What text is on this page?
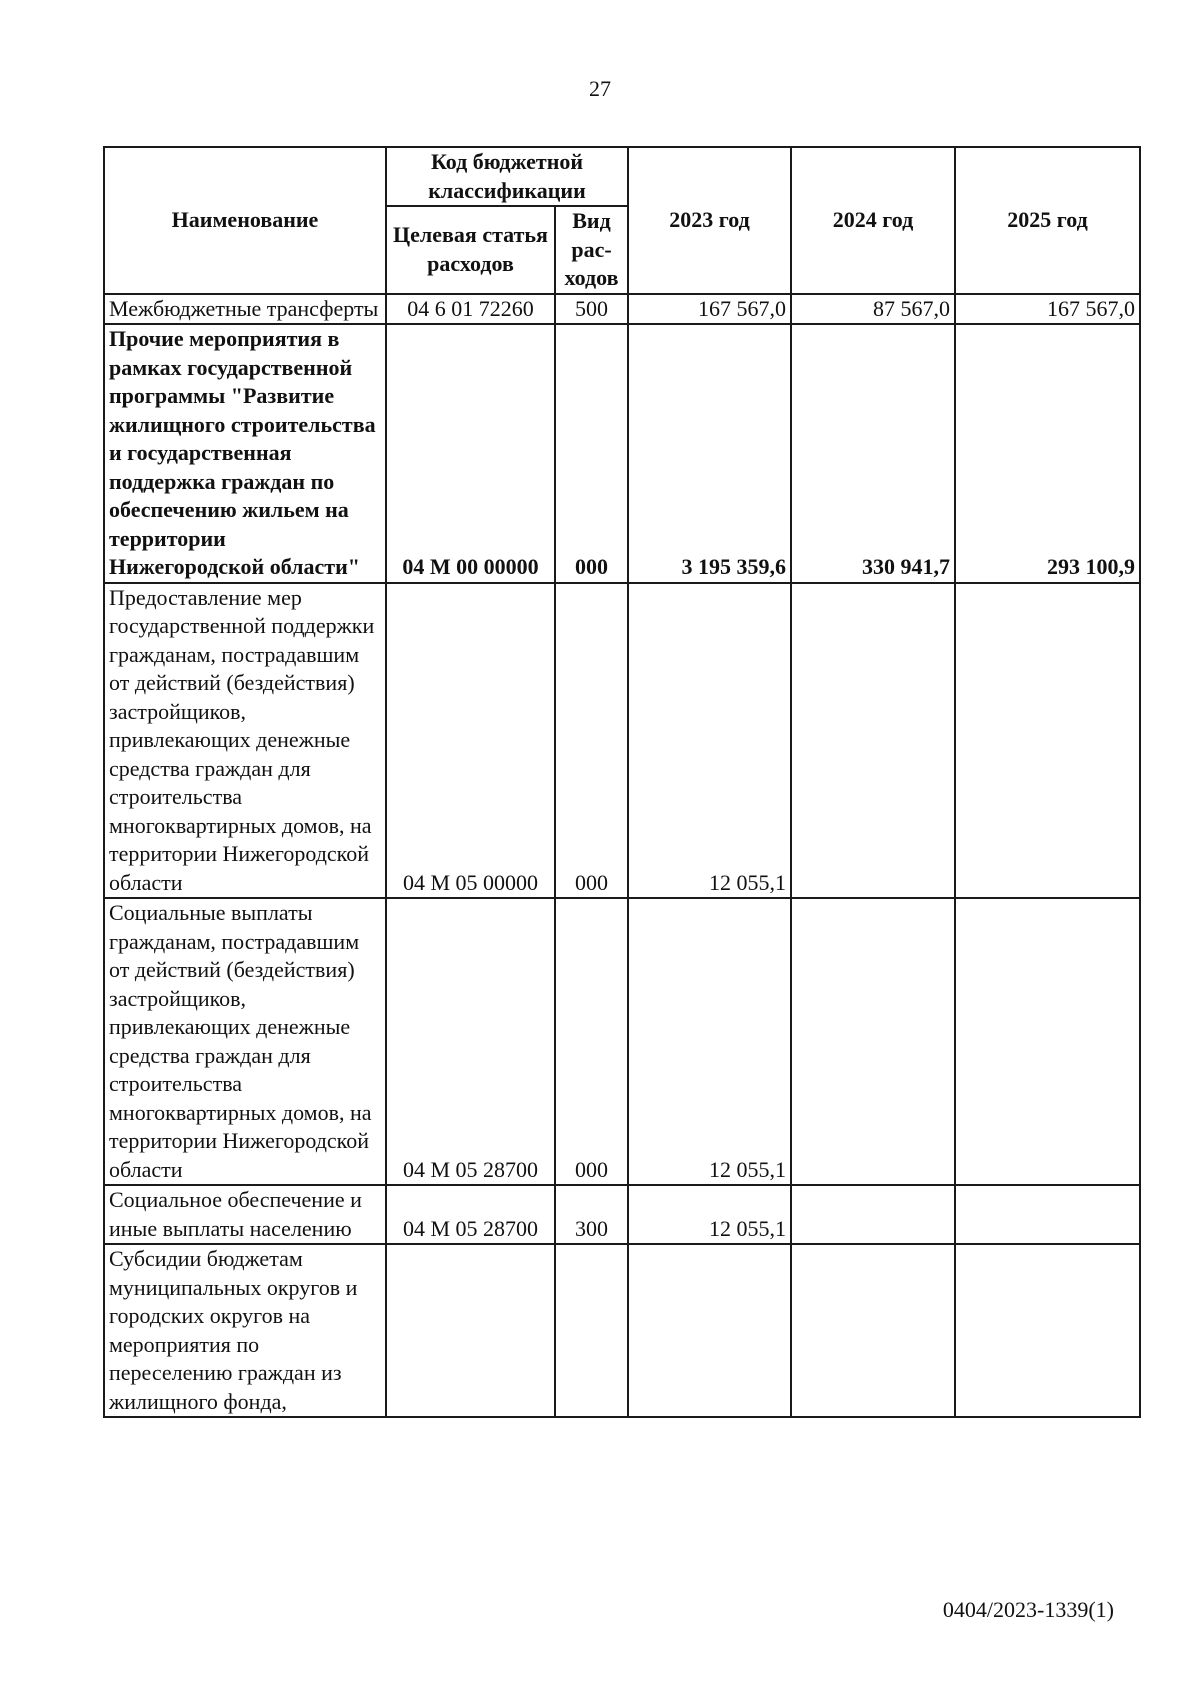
27
Наименование	Код бюджетной классификации		2023 год	2024 год	2025 год
	Целевая статья расходов	Вид рас-ходов			
Межбюджетные трансферты	04 6 01 72260	500	167 567,0	87 567,0	167 567,0
Прочие мероприятия в рамках государственной программы "Развитие жилищного строительства и государственная поддержка граждан по обеспечению жильем на территории Нижегородской области"	04 М 00 00000	000	3 195 359,6	330 941,7	293 100,9
Предоставление мер государственной поддержки гражданам, пострадавшим от действий (бездействия) застройщиков, привлекающих денежные средства граждан для строительства многоквартирных домов, на территории Нижегородской области	04 М 05 00000	000	12 055,1		
Социальные выплаты гражданам, пострадавшим от действий (бездействия) застройщиков, привлекающих денежные средства граждан для строительства многоквартирных домов, на территории Нижегородской области	04 М 05 28700	000	12 055,1		
Социальное обеспечение и иные выплаты населению	04 М 05 28700	300	12 055,1		
Субсидии бюджетам муниципальных округов и городских округов на мероприятия по переселению граждан из жилищного фонда,					
0404/2023-1339(1)
